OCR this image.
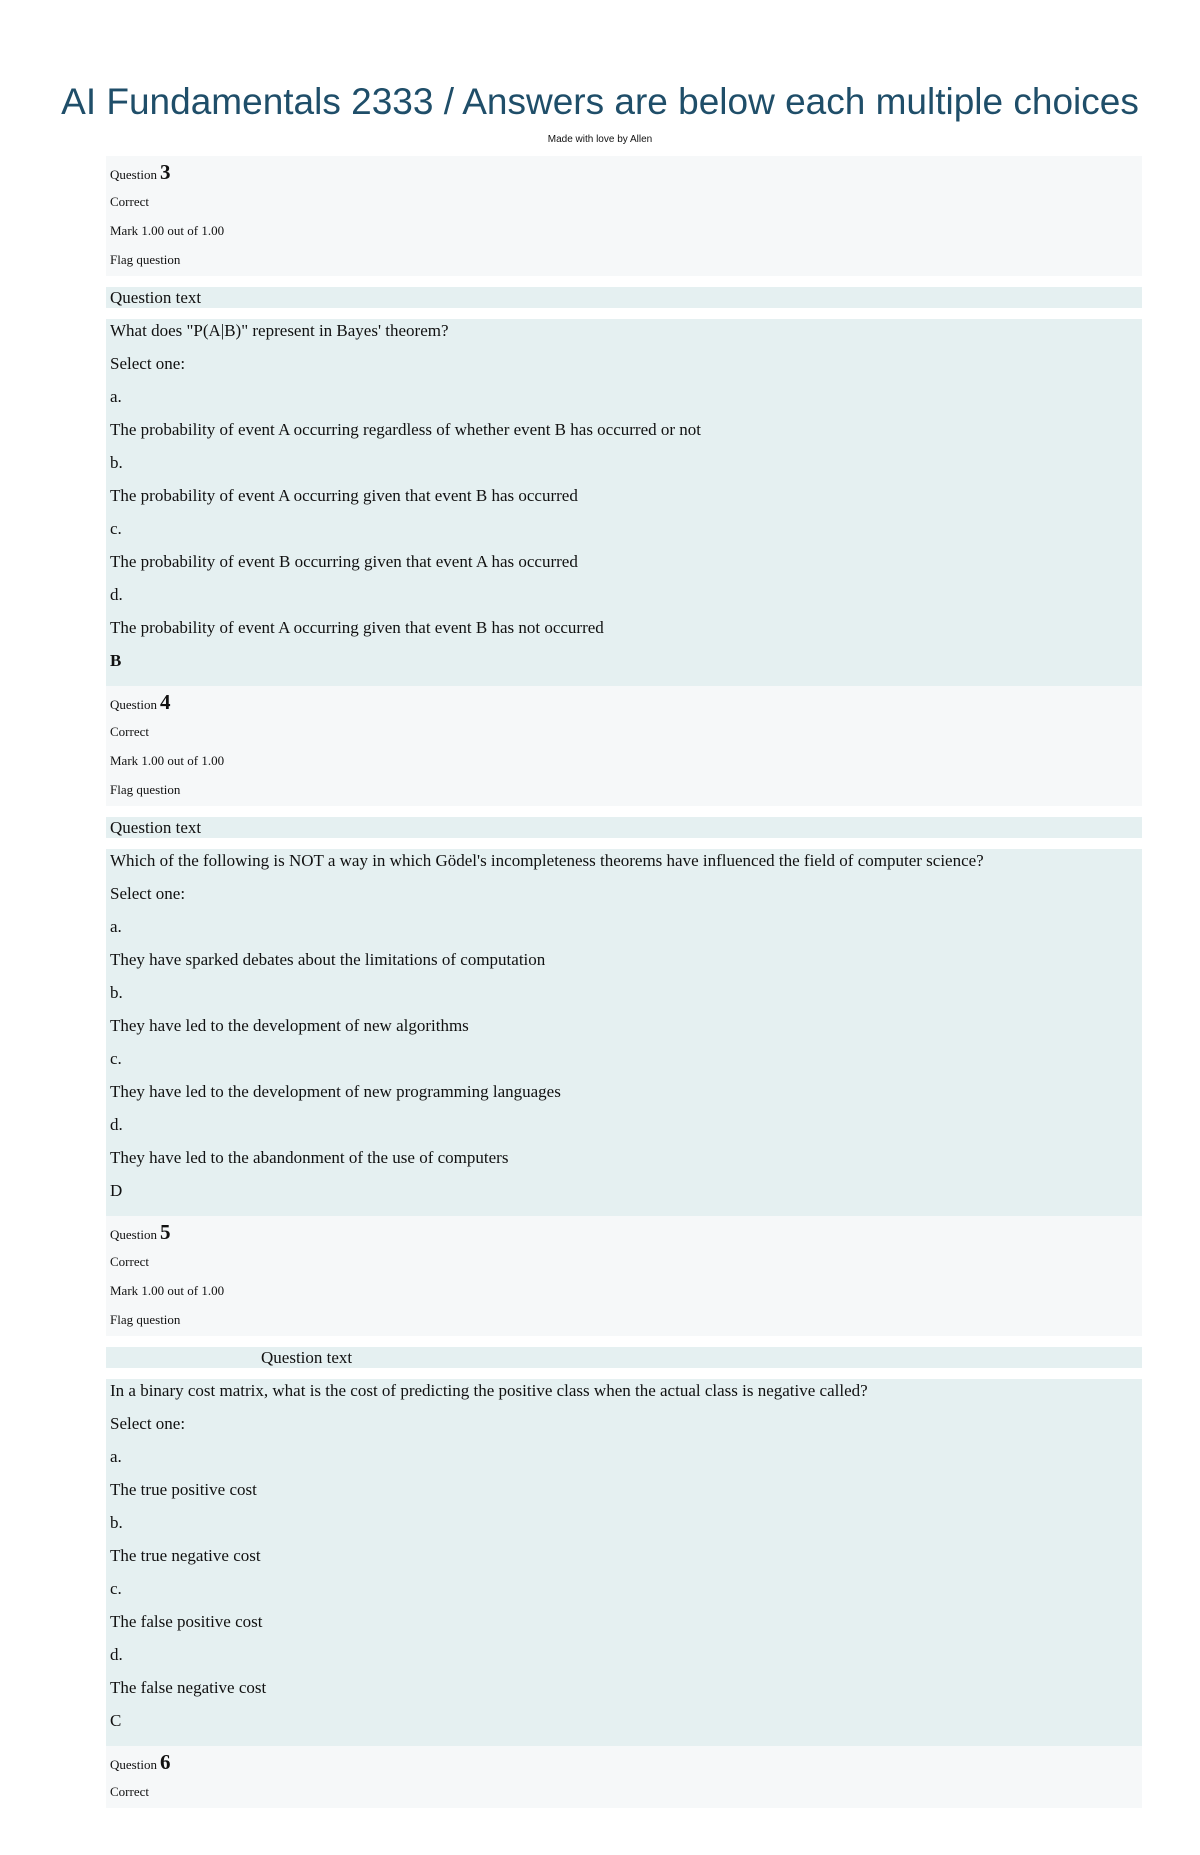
AI Fundamentals 2333 / Answers are below each multiple choices
Made with love by Allen
Question 3
Correct
Mark 1.00 out of 1.00
Flag question
Question text
What does "P(A|B)" represent in Bayes' theorem?
Select one:
a.
The probability of event A occurring regardless of whether event B has occurred or not
b.
The probability of event A occurring given that event B has occurred
c.
The probability of event B occurring given that event A has occurred
d.
The probability of event A occurring given that event B has not occurred
B
Question 4
Correct
Mark 1.00 out of 1.00
Flag question
Question text
Which of the following is NOT a way in which Gödel's incompleteness theorems have influenced the field of computer science?
Select one:
a.
They have sparked debates about the limitations of computation
b.
They have led to the development of new algorithms
c.
They have led to the development of new programming languages
d.
They have led to the abandonment of the use of computers
D
Question 5
Correct
Mark 1.00 out of 1.00
Flag question
Question text
In a binary cost matrix, what is the cost of predicting the positive class when the actual class is negative called?
Select one:
a.
The true positive cost
b.
The true negative cost
c.
The false positive cost
d.
The false negative cost
C
Question 6
Correct
